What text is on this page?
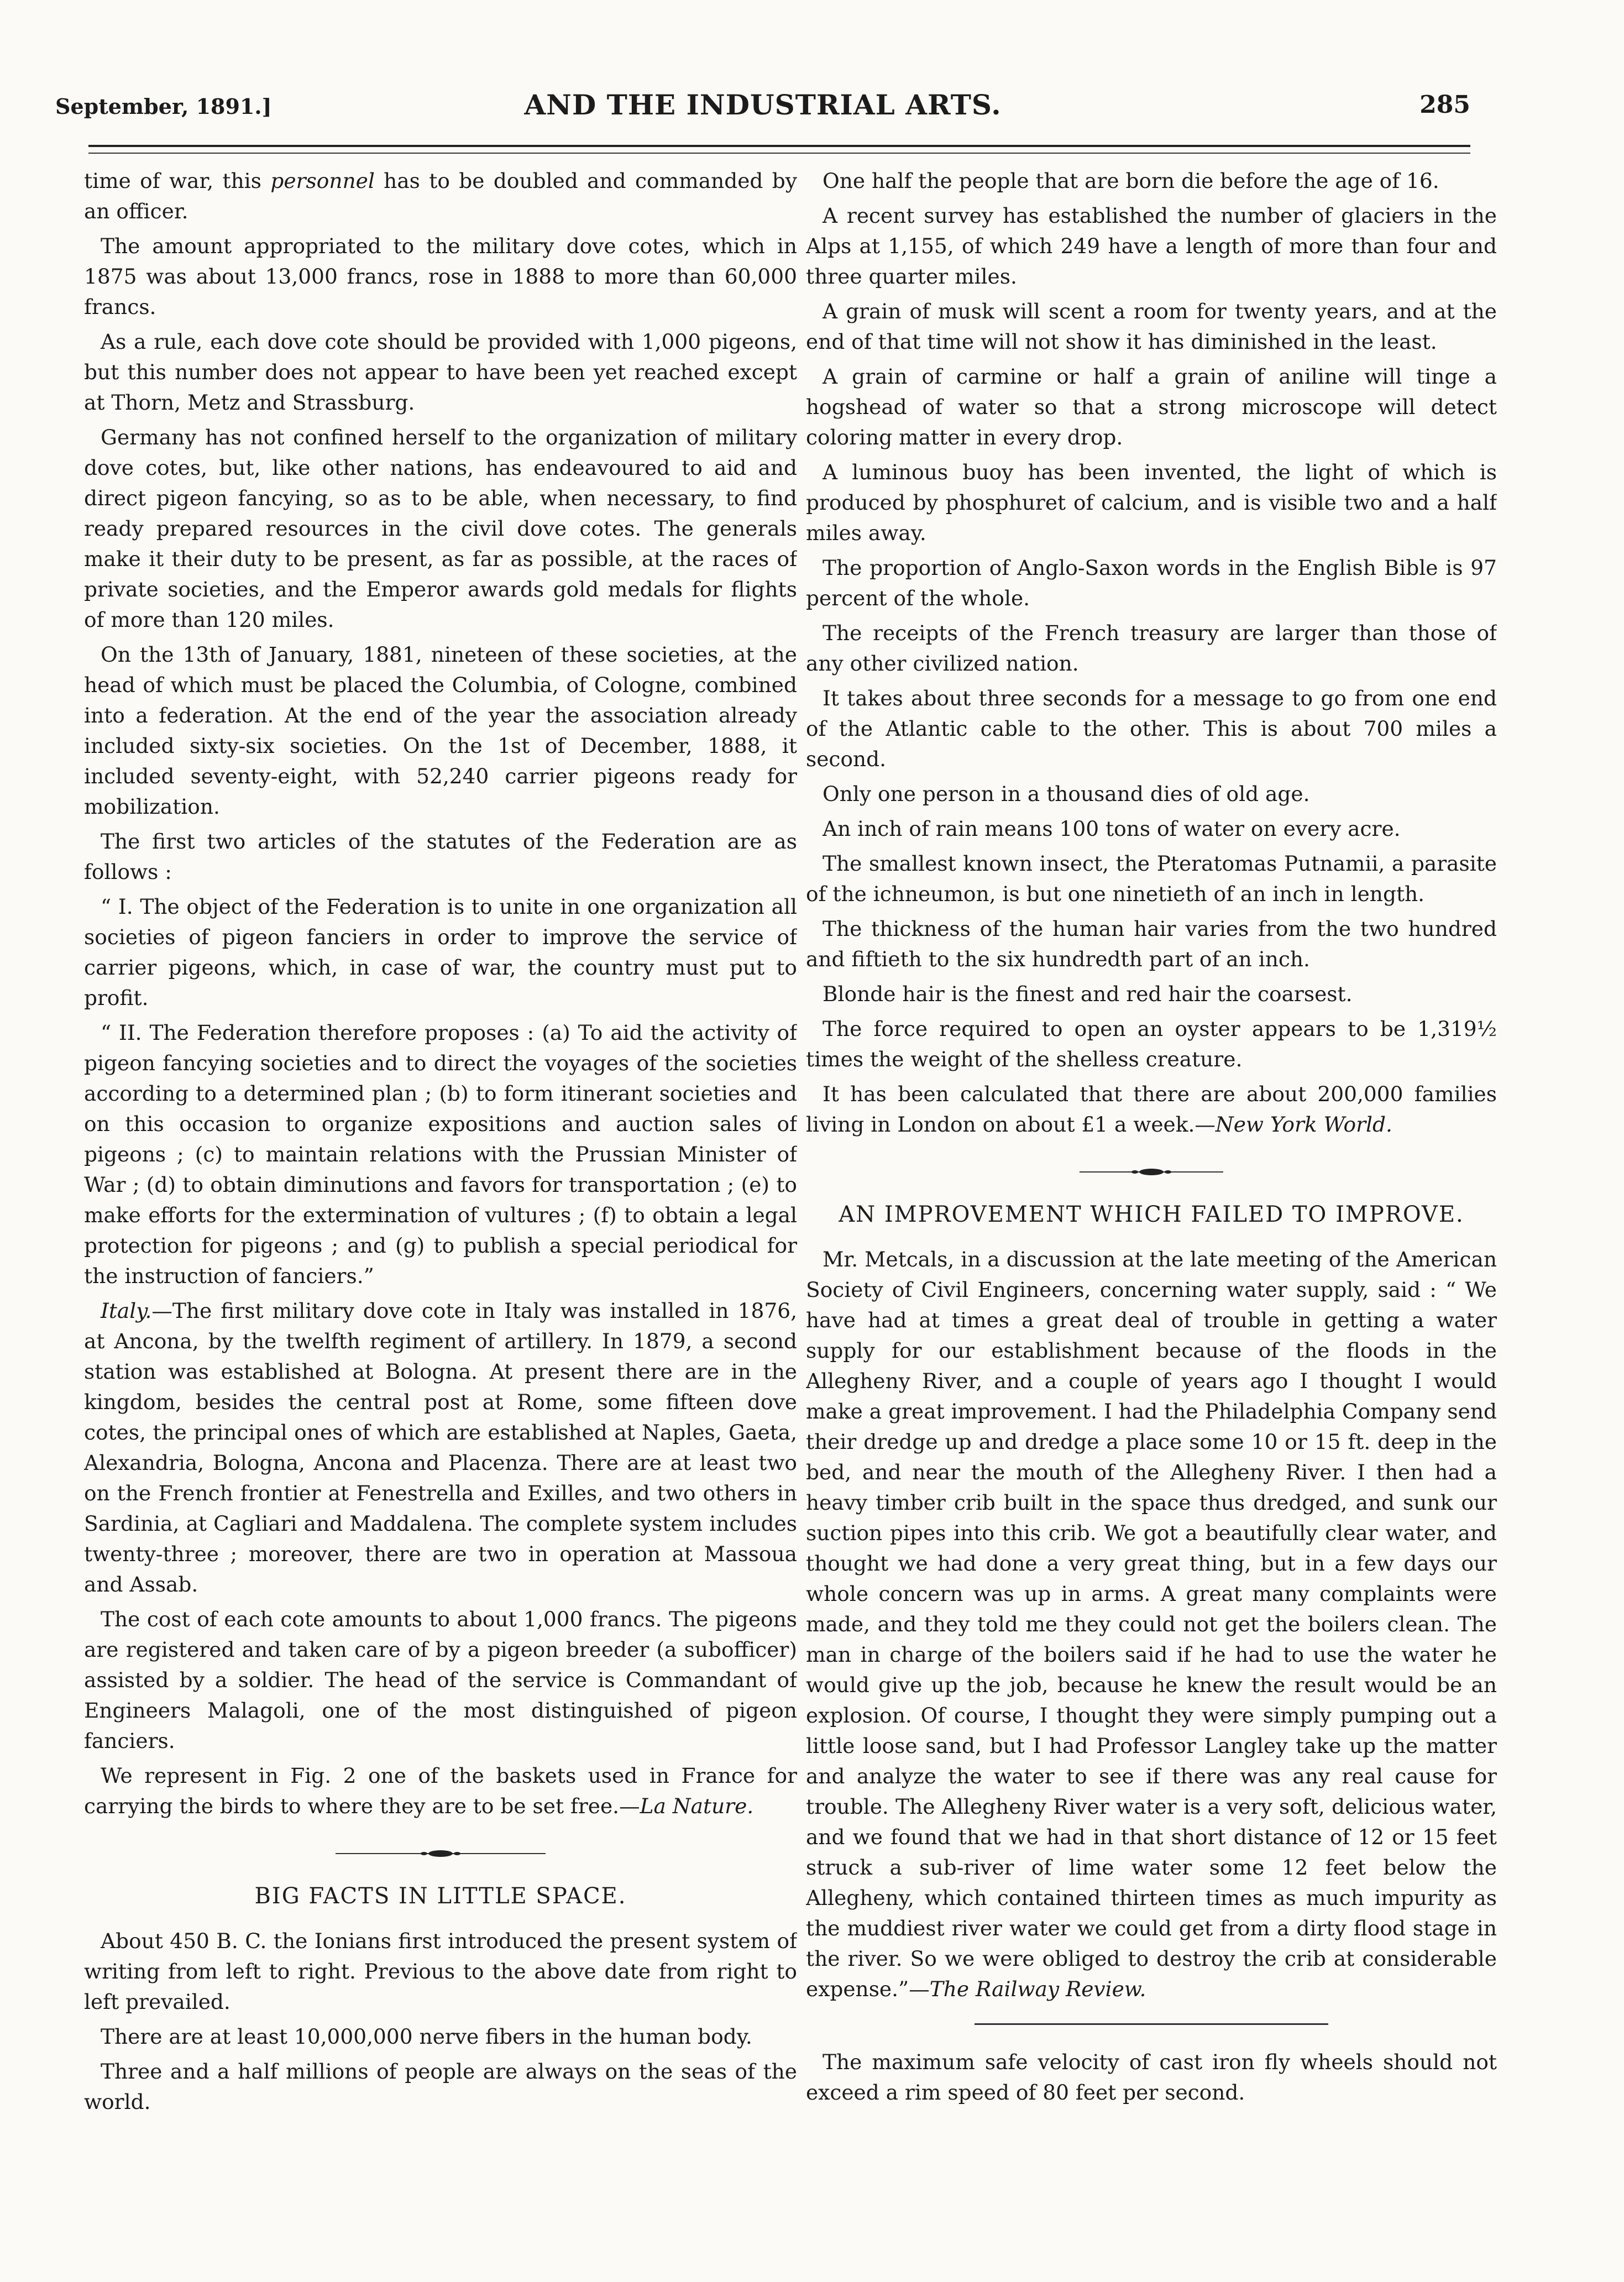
September, 1891.]	AND THE INDUSTRIAL ARTS.	285

time of war, this personnel has to be doubled and commanded by an officer.

The amount appropriated to the military dove cotes, which in 1875 was about 13,000 francs, rose in 1888 to more than 60,000 francs.

As a rule, each dove cote should be provided with 1,000 pigeons, but this number does not appear to have been yet reached except at Thorn, Metz and Strassburg.

Germany has not confined herself to the organization of military dove cotes, but, like other nations, has endeavoured to aid and direct pigeon fancying, so as to be able, when necessary, to find ready prepared resources in the civil dove cotes. The generals make it their duty to be present, as far as possible, at the races of private societies, and the Emperor awards gold medals for flights of more than 120 miles.

On the 13th of January, 1881, nineteen of these societies, at the head of which must be placed the Columbia, of Cologne, combined into a federation. At the end of the year the association already included sixty-six societies. On the 1st of December, 1888, it included seventy-eight, with 52,240 carrier pigeons ready for mobilization.

The first two articles of the statutes of the Federation are as follows :

“ I. The object of the Federation is to unite in one organization all societies of pigeon fanciers in order to improve the service of carrier pigeons, which, in case of war, the country must put to profit.

“ II. The Federation therefore proposes : (a) To aid the activity of pigeon fancying societies and to direct the voyages of the societies according to a determined plan ; (b) to form itinerant societies and on this occasion to organize expositions and auction sales of pigeons ; (c) to maintain relations with the Prussian Minister of War ; (d) to obtain diminutions and favors for transportation ; (e) to make efforts for the extermination of vultures ; (f) to obtain a legal protection for pigeons ; and (g) to publish a special periodical for the instruction of fanciers.”

Italy.—The first military dove cote in Italy was installed in 1876, at Ancona, by the twelfth regiment of artillery. In 1879, a second station was established at Bologna. At present there are in the kingdom, besides the central post at Rome, some fifteen dove cotes, the principal ones of which are established at Naples, Gaeta, Alexandria, Bologna, Ancona and Placenza. There are at least two on the French frontier at Fenestrella and Exilles, and two others in Sardinia, at Cagliari and Maddalena. The complete system includes twenty-three ; moreover, there are two in operation at Massoua and Assab.

The cost of each cote amounts to about 1,000 francs. The pigeons are registered and taken care of by a pigeon breeder (a subofficer) assisted by a soldier. The head of the service is Commandant of Engineers Malagoli, one of the most distinguished of pigeon fanciers.

We represent in Fig. 2 one of the baskets used in France for carrying the birds to where they are to be set free.—La Nature.

BIG FACTS IN LITTLE SPACE.

About 450 B. C. the Ionians first introduced the present system of writing from left to right. Previous to the above date from right to left prevailed.

There are at least 10,000,000 nerve fibers in the human body.

Three and a half millions of people are always on the seas of the world.

One half the people that are born die before the age of 16.

A recent survey has established the number of glaciers in the Alps at 1,155, of which 249 have a length of more than four and three quarter miles.

A grain of musk will scent a room for twenty years, and at the end of that time will not show it has diminished in the least.

A grain of carmine or half a grain of aniline will tinge a hogshead of water so that a strong microscope will detect coloring matter in every drop.

A luminous buoy has been invented, the light of which is produced by phosphuret of calcium, and is visible two and a half miles away.

The proportion of Anglo-Saxon words in the English Bible is 97 percent of the whole.

The receipts of the French treasury are larger than those of any other civilized nation.

It takes about three seconds for a message to go from one end of the Atlantic cable to the other. This is about 700 miles a second.

Only one person in a thousand dies of old age.

An inch of rain means 100 tons of water on every acre.

The smallest known insect, the Pteratomas Putnamii, a parasite of the ichneumon, is but one ninetieth of an inch in length.

The thickness of the human hair varies from the two hundred and fiftieth to the six hundredth part of an inch.

Blonde hair is the finest and red hair the coarsest.

The force required to open an oyster appears to be 1,319½ times the weight of the shelless creature.

It has been calculated that there are about 200,000 families living in London on about £1 a week.—New York World.

AN IMPROVEMENT WHICH FAILED TO IMPROVE.

Mr. Metcals, in a discussion at the late meeting of the American Society of Civil Engineers, concerning water supply, said : “ We have had at times a great deal of trouble in getting a water supply for our establishment because of the floods in the Allegheny River, and a couple of years ago I thought I would make a great improvement. I had the Philadelphia Company send their dredge up and dredge a place some 10 or 15 ft. deep in the bed, and near the mouth of the Allegheny River. I then had a heavy timber crib built in the space thus dredged, and sunk our suction pipes into this crib. We got a beautifully clear water, and thought we had done a very great thing, but in a few days our whole concern was up in arms. A great many complaints were made, and they told me they could not get the boilers clean. The man in charge of the boilers said if he had to use the water he would give up the job, because he knew the result would be an explosion. Of course, I thought they were simply pumping out a little loose sand, but I had Professor Langley take up the matter and analyze the water to see if there was any real cause for trouble. The Allegheny River water is a very soft, delicious water, and we found that we had in that short distance of 12 or 15 feet struck a sub-river of lime water some 12 feet below the Allegheny, which contained thirteen times as much impurity as the muddiest river water we could get from a dirty flood stage in the river. So we were obliged to destroy the crib at considerable expense.”—The Railway Review.

The maximum safe velocity of cast iron fly wheels should not exceed a rim speed of 80 feet per second.
